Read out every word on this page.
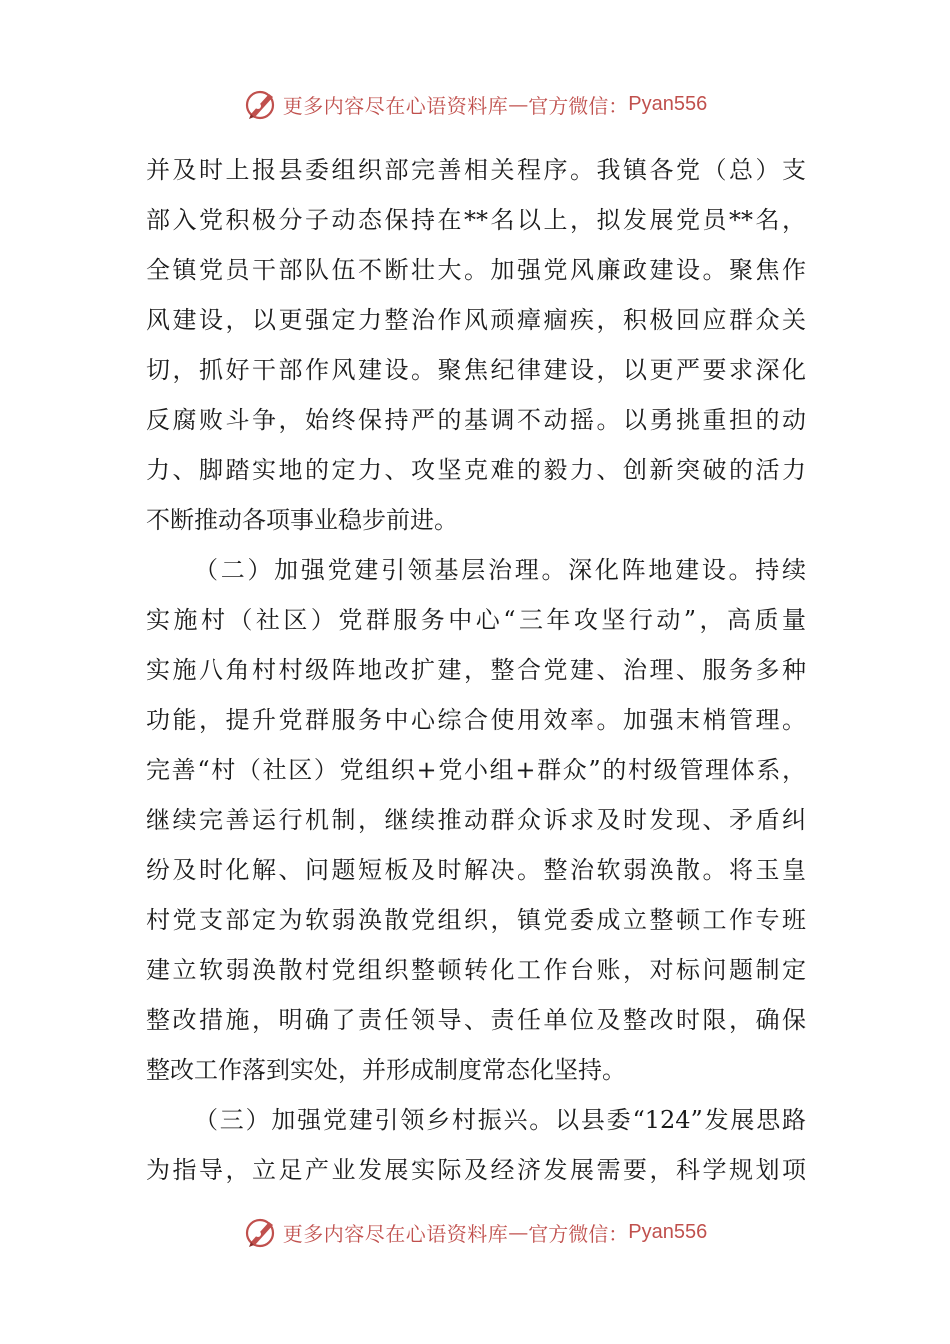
更多内容尽在心语资料库 — 官方微信： Pyan556
并及时上报县委组织部完善相关程序。我镇各党（总）支
部入党积极分子动态保持在**名以上，拟发展党员**名，
全镇党员干部队伍不断壮大。加强党风廉政建设。聚焦作
风建设，以更强定力整治作风顽瘴痼疾，积极回应群众关
切，抓好干部作风建设。聚焦纪律建设，以更严要求深化
反腐败斗争，始终保持严的基调不动摇。以勇挑重担的动
力、脚踏实地的定力、攻坚克难的毅力、创新突破的活力
不断推动各项事业稳步前进。
（二）加强党建引领基层治理。深化阵地建设。持续
实施村（社区）党群服务中心“三年攻坚行动”，高质量
实施八角村村级阵地改扩建，整合党建、治理、服务多种
功能，提升党群服务中心综合使用效率。加强末梢管理。
完善“村（社区）党组织+党小组+群众”的村级管理体系，
继续完善运行机制，继续推动群众诉求及时发现、矛盾纠
纷及时化解、问题短板及时解决。整治软弱涣散。将玉皇
村党支部定为软弱涣散党组织，镇党委成立整顿工作专班
建立软弱涣散村党组织整顿转化工作台账，对标问题制定
整改措施，明确了责任领导、责任单位及整改时限，确保
整改工作落到实处，并形成制度常态化坚持。
（三）加强党建引领乡村振兴。以县委“124”发展思路
为指导，立足产业发展实际及经济发展需要，科学规划项
更多内容尽在心语资料库 — 官方微信： Pyan556
